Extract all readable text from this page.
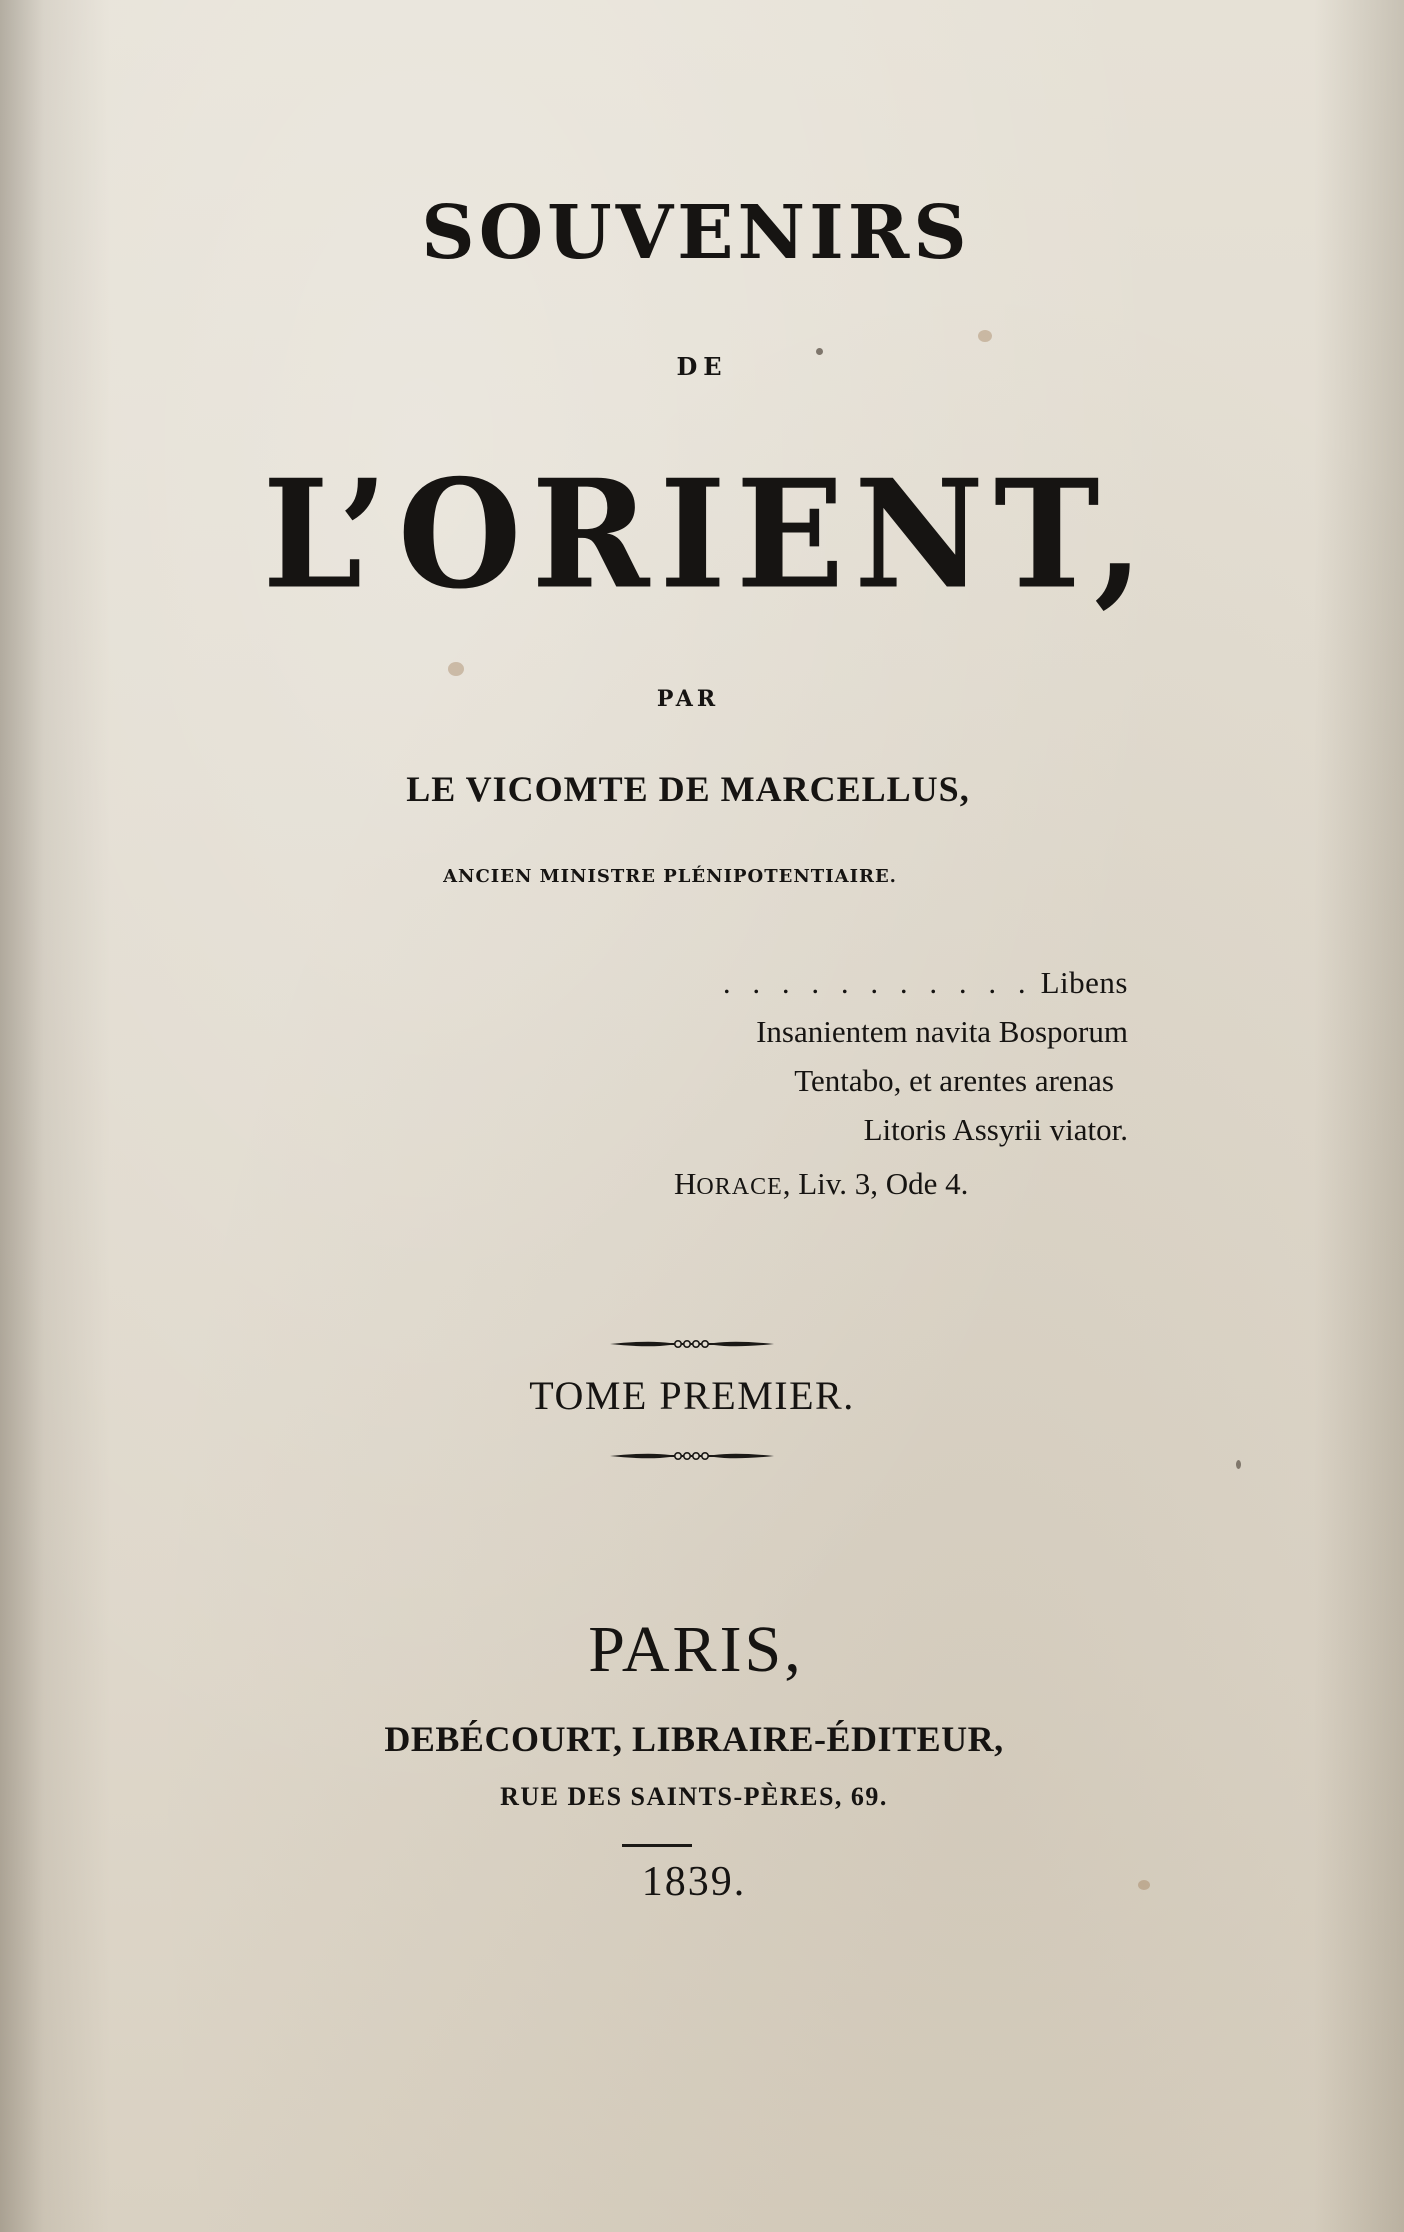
SOUVENIRS
DE
L’ORIENT,
PAR
LE VICOMTE DE MARCELLUS,
ANCIEN MINISTRE PLÉNIPOTENTIAIRE.
. . . . . . . . . . . Libens
Insanientem navita Bosporum
Tentabo, et arentes arenas
Litoris Assyrii viator.
HORACE, Liv. 3, Ode 4.
TOME PREMIER.
PARIS,
DEBÉCOURT, LIBRAIRE-ÉDITEUR,
RUE DES SAINTS-PÈRES, 69.
1839.
